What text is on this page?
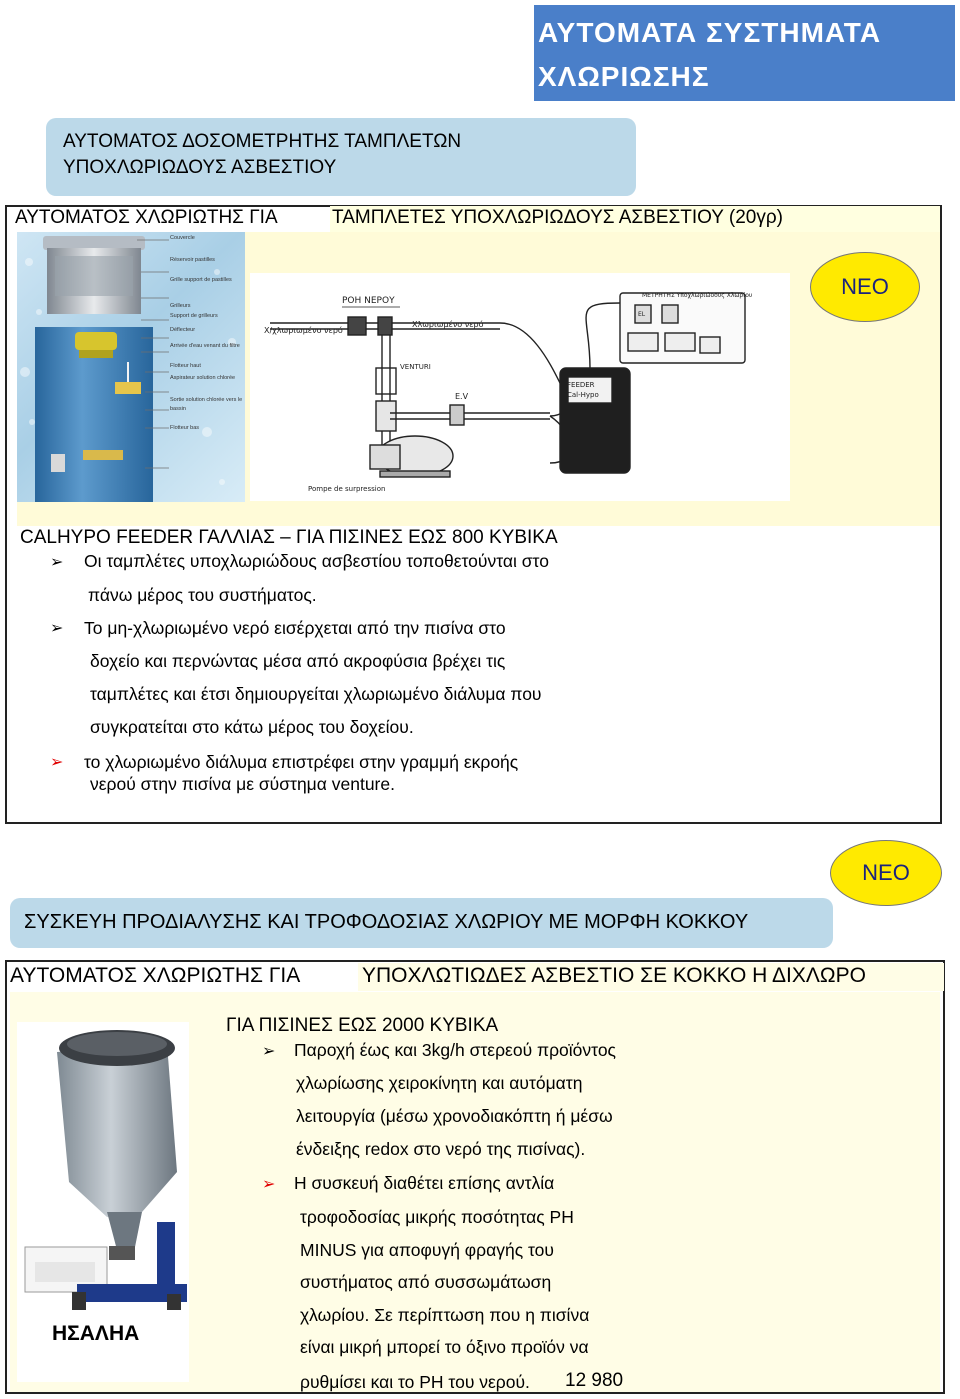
ΑΥΤΟΜΑΤΑ ΣΥΣΤΗΜΑΤΑ
ΧΛΩΡΙΩΣΗΣ
ΑΥΤΟΜΑΤΟΣ ΔΟΣΟΜΕΤΡΗΤΗΣ ΤΑΜΠΛΕΤΩΝ
ΥΠΟΧΛΩΡΙΩΔΟΥΣ ΑΣΒΕΣΤΙΟΥ
ΑΥΤΟΜΑΤΟΣ ΧΛΩΡΙΩΤΗΣ ΓΙΑ	ΤΑΜΠΛΕΤΕΣ ΥΠΟΧΛΩΡΙΩΔΟΥΣ ΑΣΒΕΣΤΙΟΥ (20γρ)
Couvercle
Réservoir pastilles
Grille support de pastilles
Grilleurs
Support de grilleurs
Déflecteur
Arrivée d'eau venant du filtre
Flotteur haut
Aspirateur solution chlorée
Sortie solution chlorée vers le bassin
Flotteur bas
ΡΟΗ ΝΕΡΟΥ
Χ/χλωριωμένο νερό
Χλωριωμένο νερό
VENTURI
E.V
FEEDER
Cal-Hypo
ΜΕΤΡΗΤΗΣ Υποχλωριώδους Χλωρίου
EL
Pompe de surpression
ΝΕΟ
CALHYPO FEEDER ΓΑΛΛΙΑΣ – ΓΙΑ ΠΙΣΙΝΕΣ ΕΩΣ 800 ΚΥΒΙΚΑ
➢ Οι ταμπλέτες υποχλωριώδους ασβεστίου τοποθετούνται στο
πάνω μέρος του συστήματος.
➢ Το μη-χλωριωμένο νερό εισέρχεται από την πισίνα στο
δοχείο και περνώντας μέσα από ακροφύσια βρέχει τις
ταμπλέτες και έτσι δημιουργείται χλωριωμένο διάλυμα που
συγκρατείται στο κάτω μέρος του δοχείου.
➢ το χλωριωμένο διάλυμα επιστρέφει στην γραμμή εκροής
νερού στην πισίνα με σύστημα venture.
ΝΕΟ
ΣΥΣΚΕΥΗ ΠΡΟΔΙΑΛΥΣΗΣ ΚΑΙ ΤΡΟΦΟΔΟΣΙΑΣ ΧΛΩΡΙΟΥ ΜΕ ΜΟΡΦΗ ΚΟΚΚΟΥ
ΑΥΤΟΜΑΤΟΣ ΧΛΩΡΙΩΤΗΣ ΓΙΑ	ΥΠΟΧΛΩΤΙΩΔΕΣ ΑΣΒΕΣΤΙΟ ΣΕ ΚΟΚΚΟ Η ΔΙΧΛΩΡΟ
ΗΣΑΛΗΑ
ΓΙΑ ΠΙΣΙΝΕΣ ΕΩΣ 2000 ΚΥΒΙΚΑ
➢ Παροχή έως και 3kg/h στερεού προϊόντος
χλωρίωσης χειροκίνητη και αυτόματη
λειτουργία (μέσω χρονοδιακόπτη ή μέσω
ένδειξης redox στο νερό της πισίνας).
➢ Η συσκευή διαθέτει επίσης αντλία
τροφοδοσίας μικρής ποσότητας PH
MINUS για αποφυγή φραγής του
συστήματος από συσσωμάτωση
χλωρίου. Σε περίπτωση που η πισίνα
είναι μικρή μπορεί το όξινο προϊόν να
ρυθμίσει και το PH του νερού. 12 980
